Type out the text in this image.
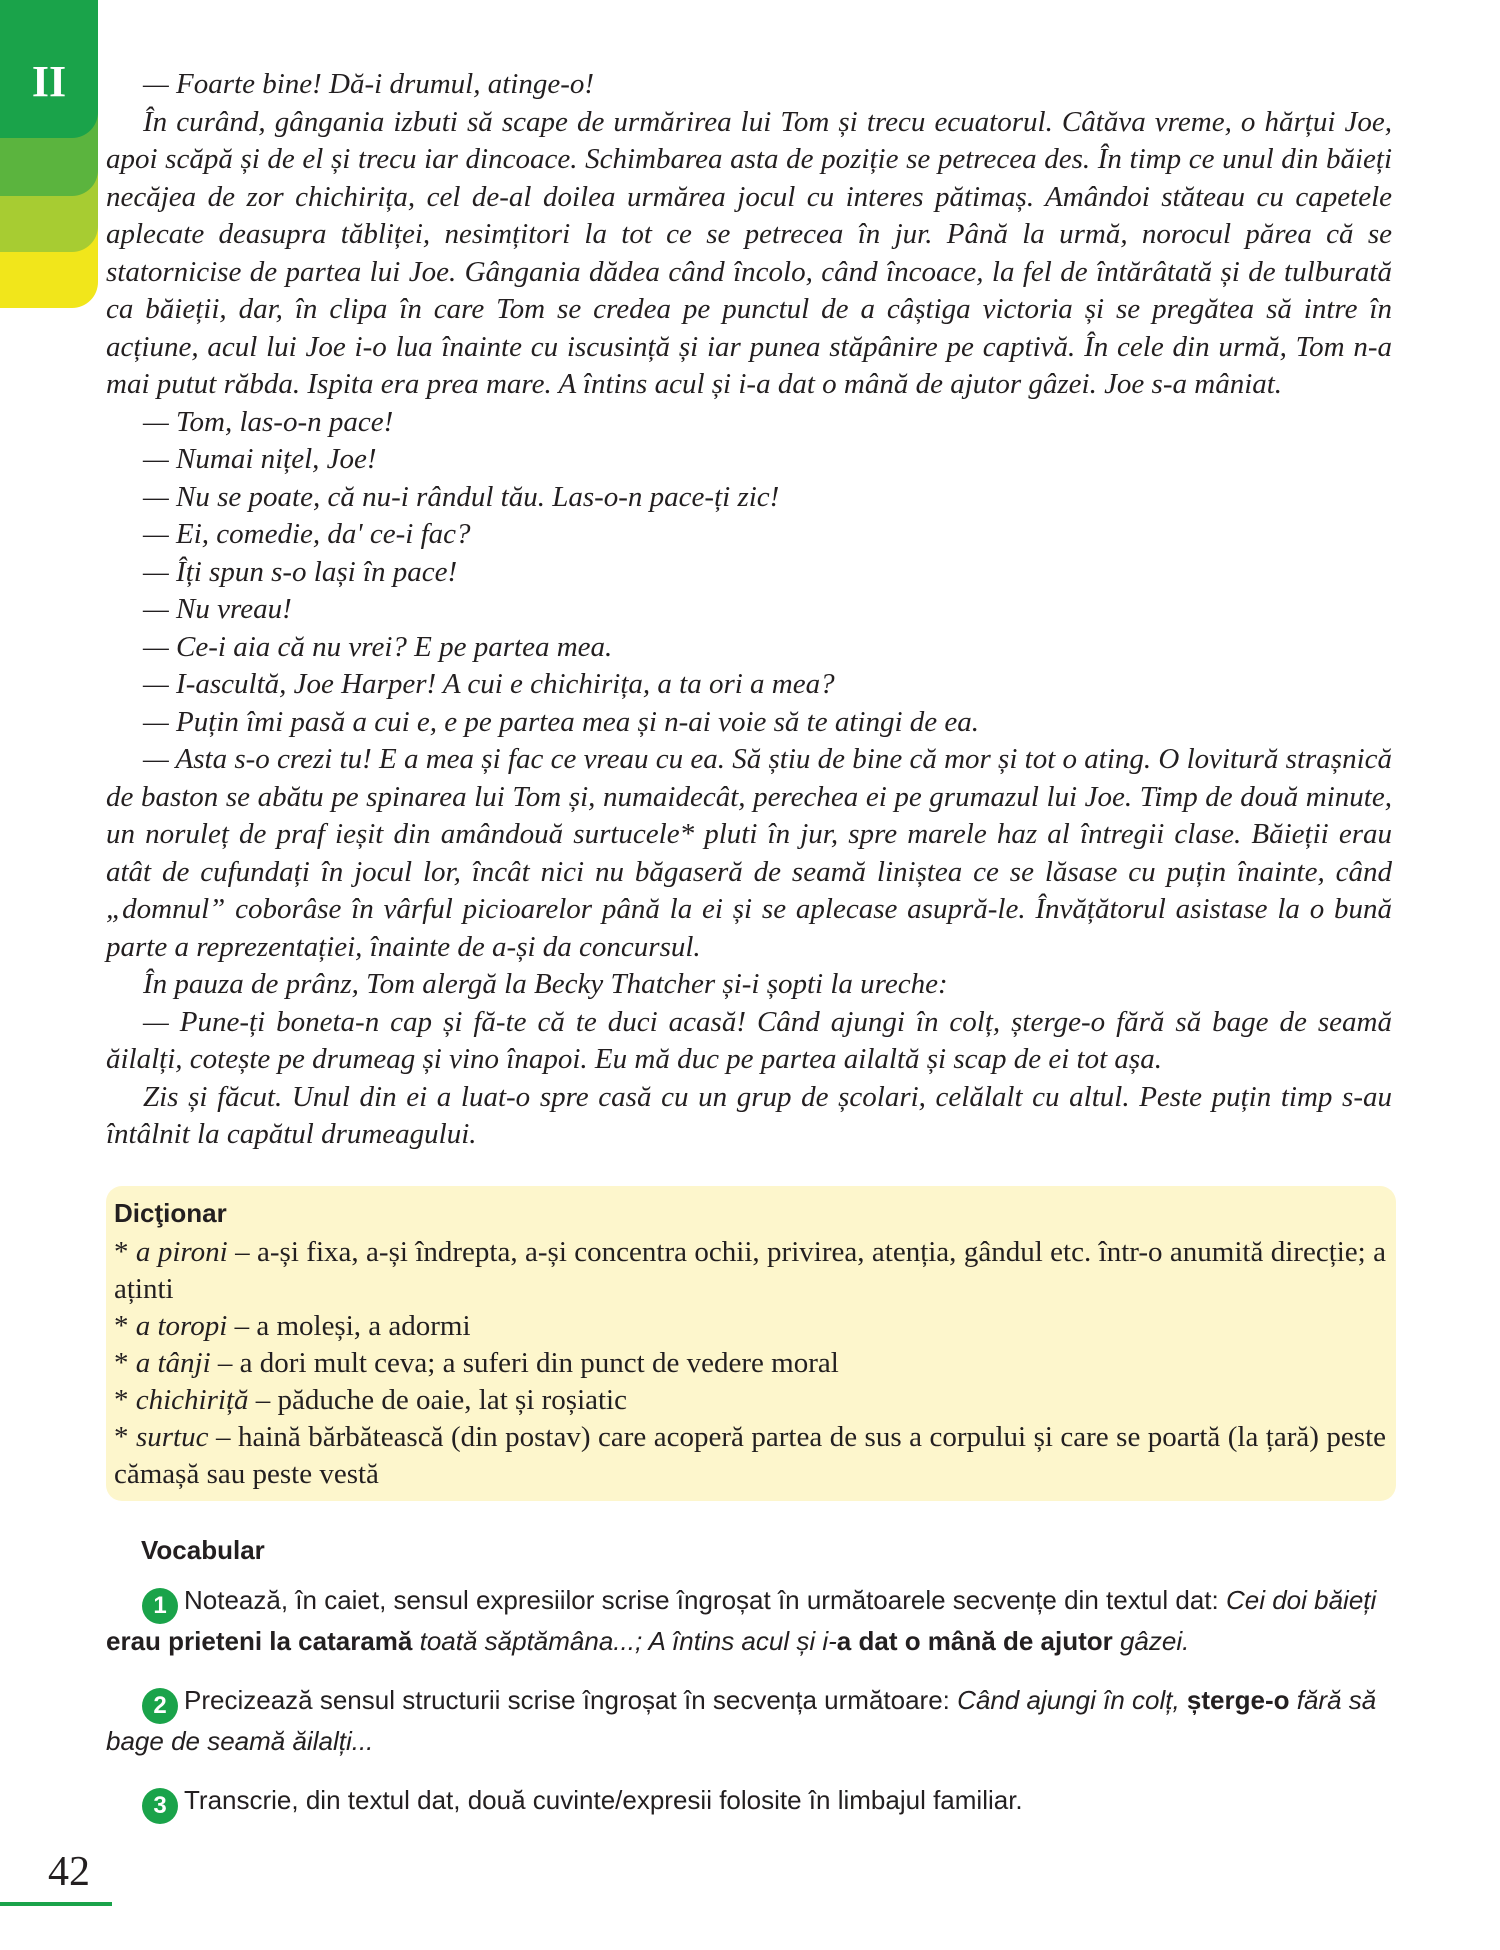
II	— Foarte bine! Dă-i drumul, atinge-o!

În curând, gângania izbuti să scape de urmărirea lui Tom și trecu ecuatorul. Câtăva vreme, o hărțui Joe, apoi scăpă și de el și trecu iar dincoace. Schimbarea asta de poziție se petrecea des. În timp ce unul din băieți necăjea de zor chichirița, cel de-al doilea urmărea jocul cu interes pătimaș. Amândoi stăteau cu capetele aplecate deasupra tăbliței, nesimțitori la tot ce se petrecea în jur. Până la urmă, norocul părea că se statornicise de partea lui Joe. Gângania dădea când încolo, când încoace, la fel de întărâtată și de tulburată ca băieții, dar, în clipa în care Tom se credea pe punctul de a câștiga victoria și se pregătea să intre în acțiune, acul lui Joe i-o lua înainte cu iscusință și iar punea stăpânire pe captivă. În cele din urmă, Tom n-a mai putut răbda. Ispita era prea mare. A întins acul și i-a dat o mână de ajutor gâzei. Joe s-a mâniat.

— Tom, las-o-n pace!

— Numai nițel, Joe!

— Nu se poate, că nu-i rândul tău. Las-o-n pace-ți zic!

— Ei, comedie, da' ce-i fac?

— Îți spun s-o lași în pace!

— Nu vreau!

— Ce-i aia că nu vrei? E pe partea mea.

— I-ascultă, Joe Harper! A cui e chichirița, a ta ori a mea?

— Puțin îmi pasă a cui e, e pe partea mea și n-ai voie să te atingi de ea.

— Asta s-o crezi tu! E a mea și fac ce vreau cu ea. Să știu de bine că mor și tot o ating. O lovitură strașnică de baston se abătu pe spinarea lui Tom și, numaidecât, perechea ei pe grumazul lui Joe. Timp de două minute, un noruleț de praf ieșit din amândouă surtucele* pluti în jur, spre marele haz al întregii clase. Băieții erau atât de cufundați în jocul lor, încât nici nu băgaseră de seamă liniștea ce se lăsase cu puțin înainte, când „domnul” coborâse în vârful picioarelor până la ei și se aplecase asupră-le. Învățătorul asistase la o bună parte a reprezentației, înainte de a-și da concursul.

În pauza de prânz, Tom alergă la Becky Thatcher și-i șopti la ureche:

— Pune-ți boneta-n cap și fă-te că te duci acasă! Când ajungi în colț, șterge-o fără să bage de seamă ăilalți, cotește pe drumeag și vino înapoi. Eu mă duc pe partea ailaltă și scap de ei tot așa.

Zis și făcut. Unul din ei a luat-o spre casă cu un grup de școlari, celălalt cu altul. Peste puțin timp s-au întâlnit la capătul drumeagului.

Dicţionar

* a pironi – a-și fixa, a-și îndrepta, a-și concentra ochii, privirea, atenția, gândul etc. într-o anumită direcție; a aținti

* a toropi – a moleși, a adormi

* a tânji – a dori mult ceva; a suferi din punct de vedere moral

* chichiriță – păduche de oaie, lat și roșiatic

* surtuc – haină bărbătească (din postav) care acoperă partea de sus a corpului și care se poartă (la țară) peste cămașă sau peste vestă

Vocabular
1 Notează, în caiet, sensul expresiilor scrise îngroșat în următoarele secvențe din textul dat: Cei doi băieți erau prieteni la cataramă toată săptămâna...; A întins acul și i-a dat o mână de ajutor gâzei.
2 Precizează sensul structurii scrise îngroșat în secvența următoare: Când ajungi în colț, șterge-o fără să bage de seamă ăilalți...
3 Transcrie, din textul dat, două cuvinte/expresii folosite în limbajul familiar.
42
